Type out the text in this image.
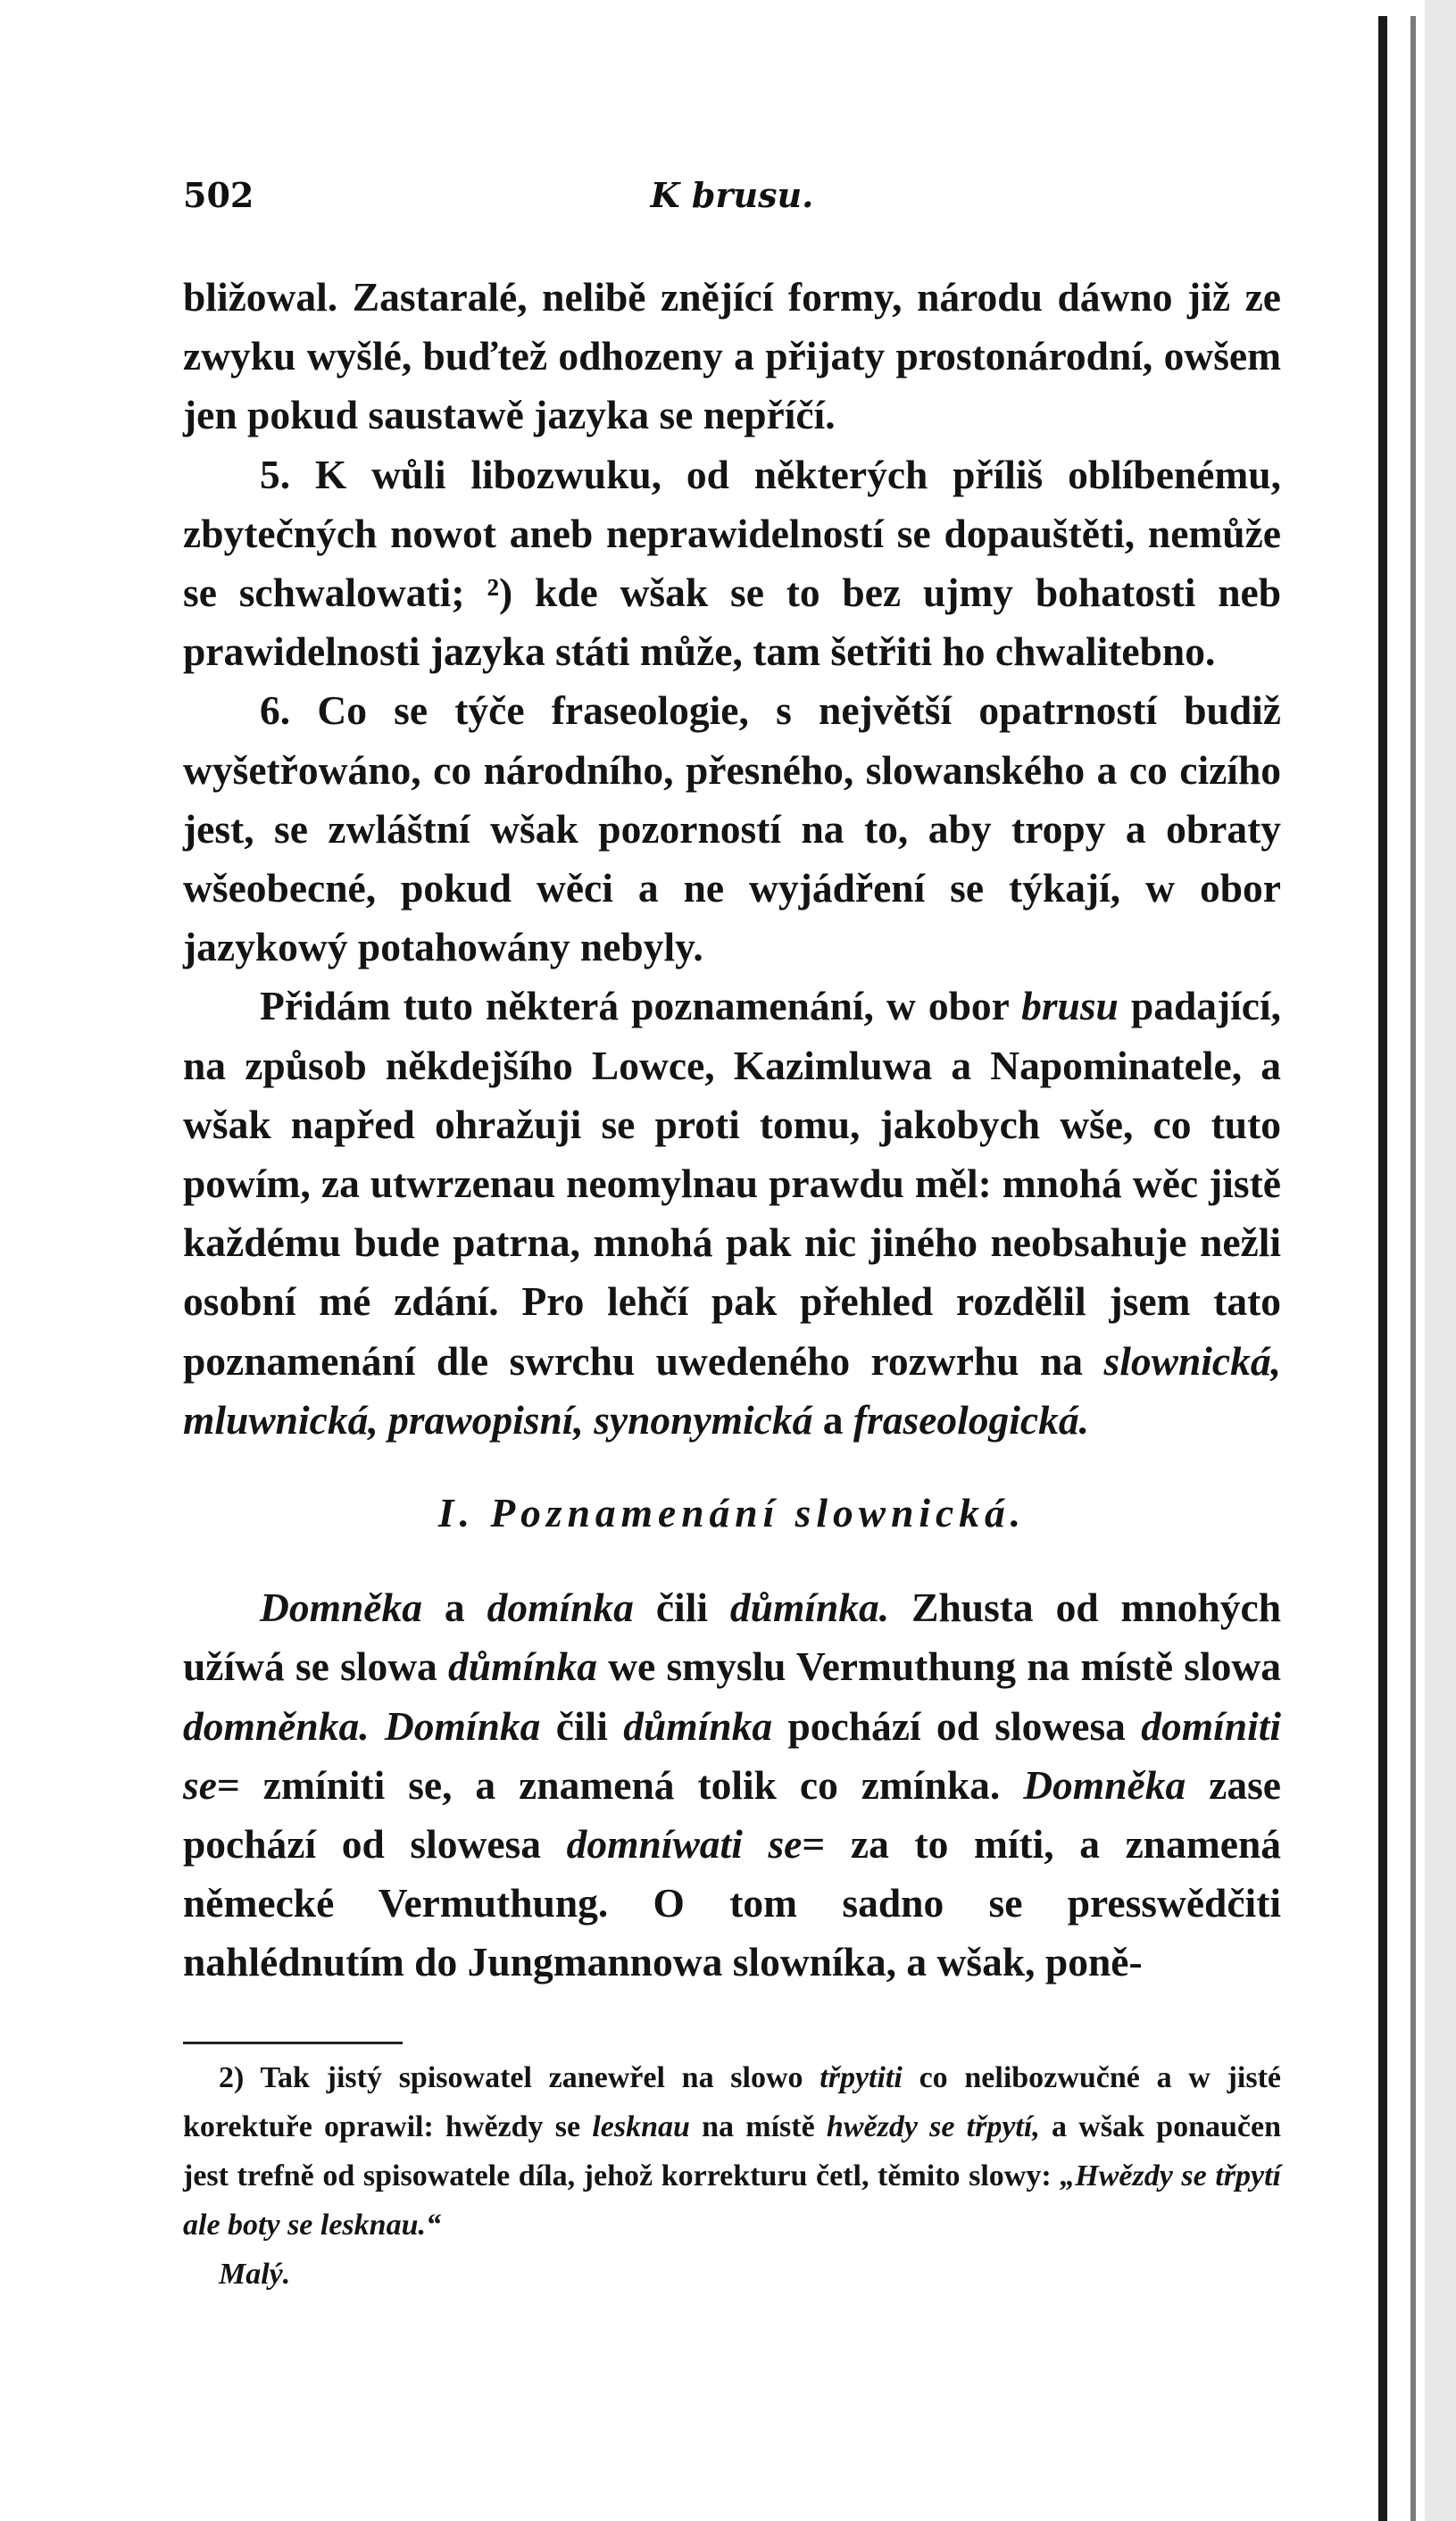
502	K brusu.

bližowal. Zastaralé, nelibě znějící formy, národu dáwno již ze zwyku wyšlé, buďtež odhozeny a přijaty prostonárodní, owšem jen pokud saustawě jazyka se nepříčí.

5. K wůli libozwuku, od některých příliš oblíbenému, zbytečných nowot aneb neprawidelností se dopauštěti, nemůže se schwalowati; ²) kde wšak se to bez ujmy bohatosti neb prawidelnosti jazyka státi může, tam šetřiti ho chwalitebno.

6. Co se týče fraseologie, s největší opatrností budiž wyšetřowáno, co národního, přesného, slowanského a co cizího jest, se zwláštní wšak pozorností na to, aby tropy a obraty wšeobecné, pokud wěci a ne wyjádření se týkají, w obor jazykowý potahowány nebyly.

Přidám tuto některá poznamenání, w obor brusu padající, na způsob někdejšího Lowce, Kazimluwa a Napominatele, a wšak napřed ohražuji se proti tomu, jakobych wše, co tuto powím, za utwrzenau neomylnau prawdu měl: mnohá wěc jistě každému bude patrna, mnohá pak nic jiného neobsahuje nežli osobní mé zdání. Pro lehčí pak přehled rozdělil jsem tato poznamenání dle swrchu uwedeného rozwrhu na slownická, mluwnická, prawopisní, synonymická a fraseologická.

I. Poznamenání slownická.

Domněka a domínka čili důmínka. Zhusta od mnohých užíwá se slowa důmínka we smyslu Vermuthung na místě slowa domněnka. Domínka čili důmínka pochází od slowesa domíniti se= zmíniti se, a znamená tolik co zmínka. Domněka zase pochází od slowesa domníwati se= za to míti, a znamená německé Vermuthung. O tom sadno se presswědčiti nahlédnutím do Jungmannowa slowníka, a wšak, poně-

2) Tak jistý spisowatel zanewřel na slowo třpytiti co nelibozwučné a w jisté korektuře oprawil: hwězdy se lesknau na místě hwězdy se třpytí, a wšak ponaučen jest trefně od spisowatele díla, jehož korrekturu četl, těmito slowy: „Hwězdy se třpytí ale boty se lesknau.“

Malý.
